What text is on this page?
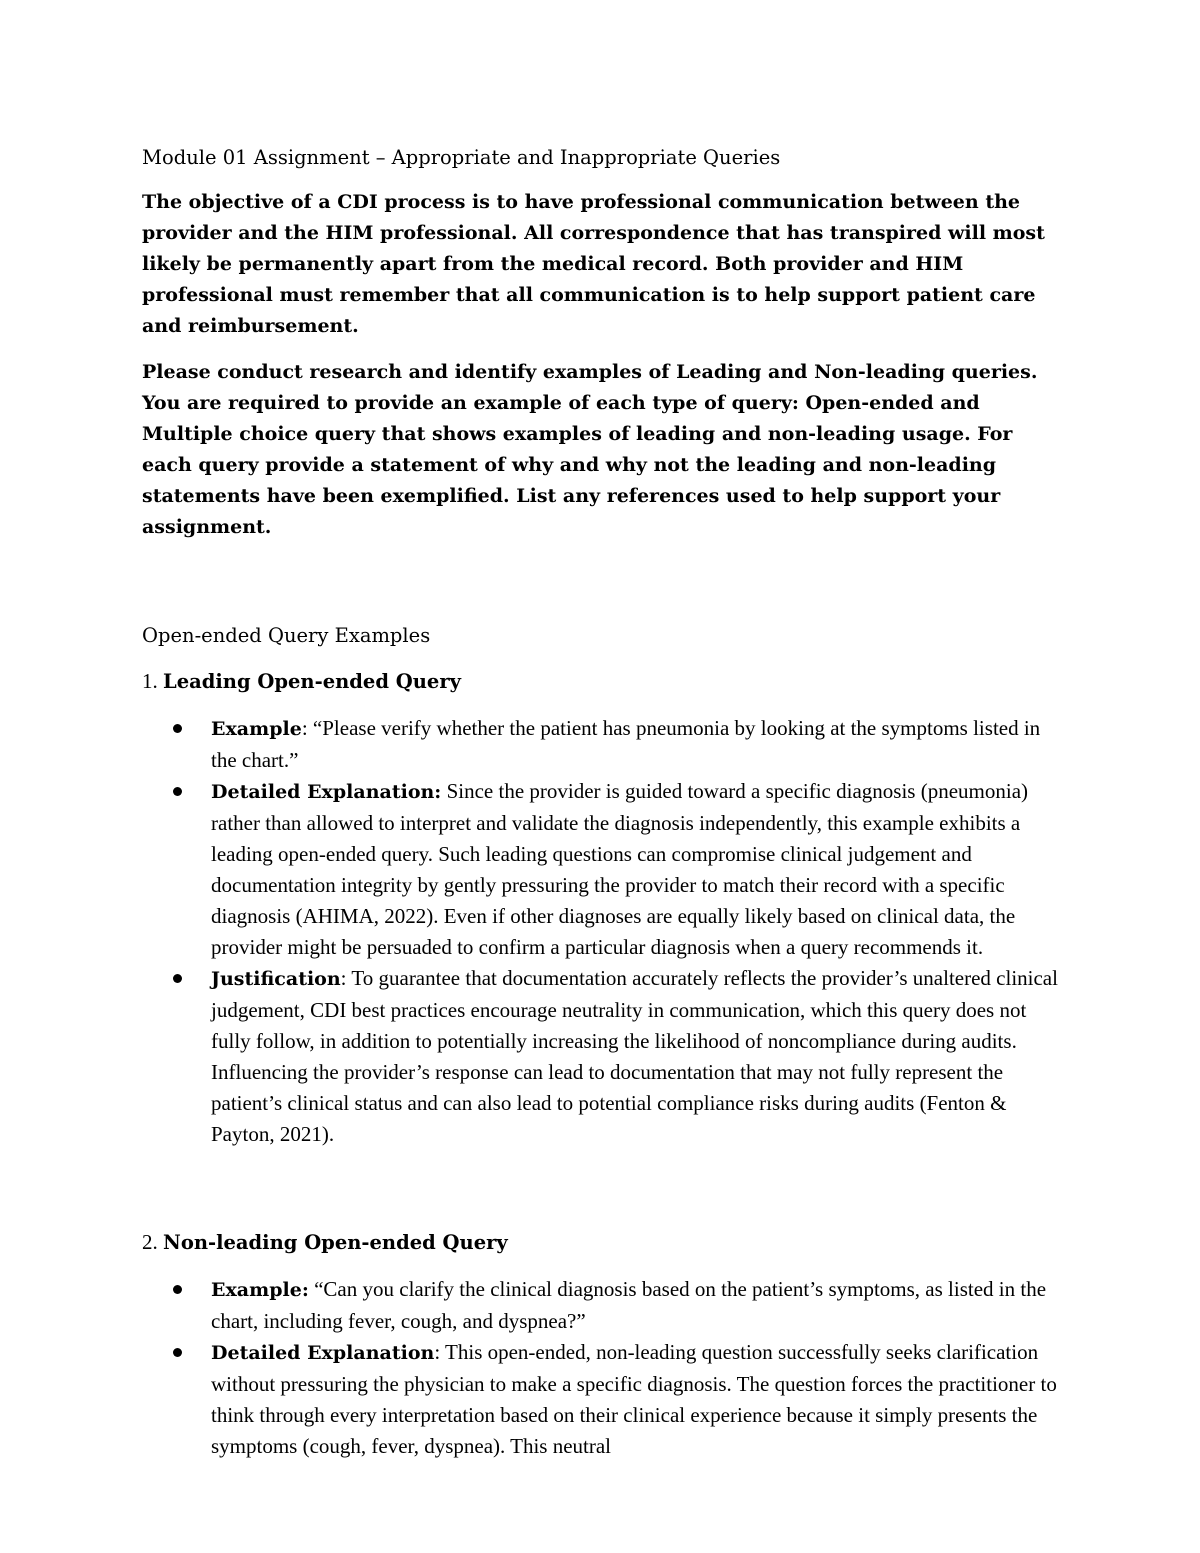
Module 01 Assignment – Appropriate and Inappropriate Queries

The objective of a CDI process is to have professional communication between the provider and the HIM professional. All correspondence that has transpired will most likely be permanently apart from the medical record. Both provider and HIM professional must remember that all communication is to help support patient care and reimbursement.

Please conduct research and identify examples of Leading and Non-leading queries. You are required to provide an example of each type of query: Open-ended and Multiple choice query that shows examples of leading and non-leading usage. For each query provide a statement of why and why not the leading and non-leading statements have been exemplified. List any references used to help support your assignment.

Open-ended Query Examples

1. Leading Open-ended Query

Example: “Please verify whether the patient has pneumonia by looking at the symptoms listed in the chart.”
Detailed Explanation: Since the provider is guided toward a specific diagnosis (pneumonia) rather than allowed to interpret and validate the diagnosis independently, this example exhibits a leading open-ended query. Such leading questions can compromise clinical judgement and documentation integrity by gently pressuring the provider to match their record with a specific diagnosis (AHIMA, 2022). Even if other diagnoses are equally likely based on clinical data, the provider might be persuaded to confirm a particular diagnosis when a query recommends it.
Justification: To guarantee that documentation accurately reflects the provider’s unaltered clinical judgement, CDI best practices encourage neutrality in communication, which this query does not fully follow, in addition to potentially increasing the likelihood of noncompliance during audits. Influencing the provider’s response can lead to documentation that may not fully represent the patient’s clinical status and can also lead to potential compliance risks during audits (Fenton & Payton, 2021).

2. Non-leading Open-ended Query

Example: “Can you clarify the clinical diagnosis based on the patient’s symptoms, as listed in the chart, including fever, cough, and dyspnea?”
Detailed Explanation: This open-ended, non-leading question successfully seeks clarification without pressuring the physician to make a specific diagnosis. The question forces the practitioner to think through every interpretation based on their clinical experience because it simply presents the symptoms (cough, fever, dyspnea). This neutral
